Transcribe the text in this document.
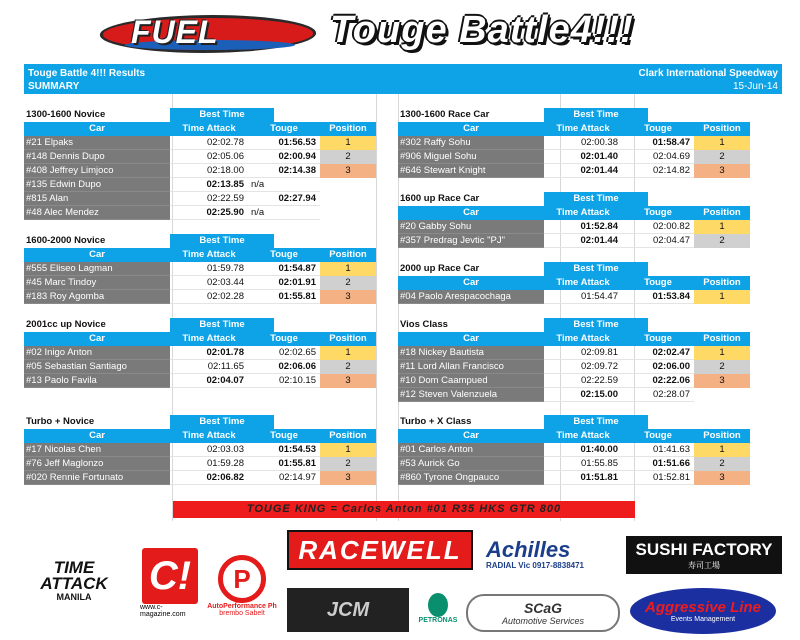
FUEL	Touge Battle4!!!
Touge Battle 4!!! Results
SUMMARY
Clark International Speedway
15-Jun-14
1300-1600 Novice	Best Time
Car	Time Attack	Touge	Position
#21 Elpaks	02:02.78	01:56.53	1
#148 Dennis Dupo	02:05.06	02:00.94	2
#408 Jeffrey Limjoco	02:18.00	02:14.38	3
#135 Edwin Dupo	02:13.85 n/a
#815 Alan	02:22.59	02:27.94
#48 Alec Mendez	02:25.90 n/a
1600-2000 Novice	Best Time
Car	Time Attack	Touge	Position
#555 Eliseo Lagman	01:59.78	01:54.87	1
#45 Marc Tindoy	02:03.44	02:01.91	2
#183 Roy Agomba	02:02.28	01:55.81	3
2001cc up Novice	Best Time
Car	Time Attack	Touge	Position
#02 Inigo Anton	02:01.78	02:02.65	1
#05 Sebastian Santiago	02:11.65	02:06.06	2
#13 Paolo Favila	02:04.07	02:10.15	3
Turbo + Novice	Best Time
Car	Time Attack	Touge	Position
#17 Nicolas Chen	02:03.03	01:54.53	1
#76 Jeff Maglonzo	01:59.28	01:55.81	2
#020 Rennie Fortunato	02:06.82	02:14.97	3
1300-1600 Race Car	Best Time
Car	Time Attack	Touge	Position
#302 Raffy Sohu	02:00.38	01:58.47	1
#906 Miguel Sohu	02:01.40	02:04.69	2
#646 Stewart Knight	02:01.44	02:14.82	3
1600 up Race Car	Best Time
Car	Time Attack	Touge	Position
#20 Gabby Sohu	01:52.84	02:00.82	1
#357 Predrag Jevtic "PJ"	02:01.44	02:04.47	2
2000 up Race Car	Best Time
Car	Time Attack	Touge	Position
#04 Paolo Arespacochaga	01:54.47	01:53.84	1
Vios Class	Best Time
Car	Time Attack	Touge	Position
#18 Nickey Bautista	02:09.81	02:02.47	1
#11 Lord Allan Francisco	02:09.72	02:06.00	2
#10 Dom Caampued	02:22.59	02:22.06	3
#12 Steven Valenzuela	02:15.00	02:28.07
Turbo + X Class	Best Time
Car	Time Attack	Touge	Position
#01 Carlos Anton	01:40.00	01:41.63	1
#53 Aurick Go	01:55.85	01:51.66	2
#860 Tyrone Ongpauco	01:51.81	01:52.81	3
TOUGE KING = Carlos Anton #01 R35 HKS GTR 800
TIME
ATTACK
MANILA C!
www.c-magazine.com
P
AutoPerformance Ph
brembo Sabelt
RACEWELL	Achilles
RADIAL Vic 0917-8838471
SUSHI FACTORY
寿司工場
JCM	PETRONAS
SCaG
Automotive Services
Aggressive Line
Events Management
